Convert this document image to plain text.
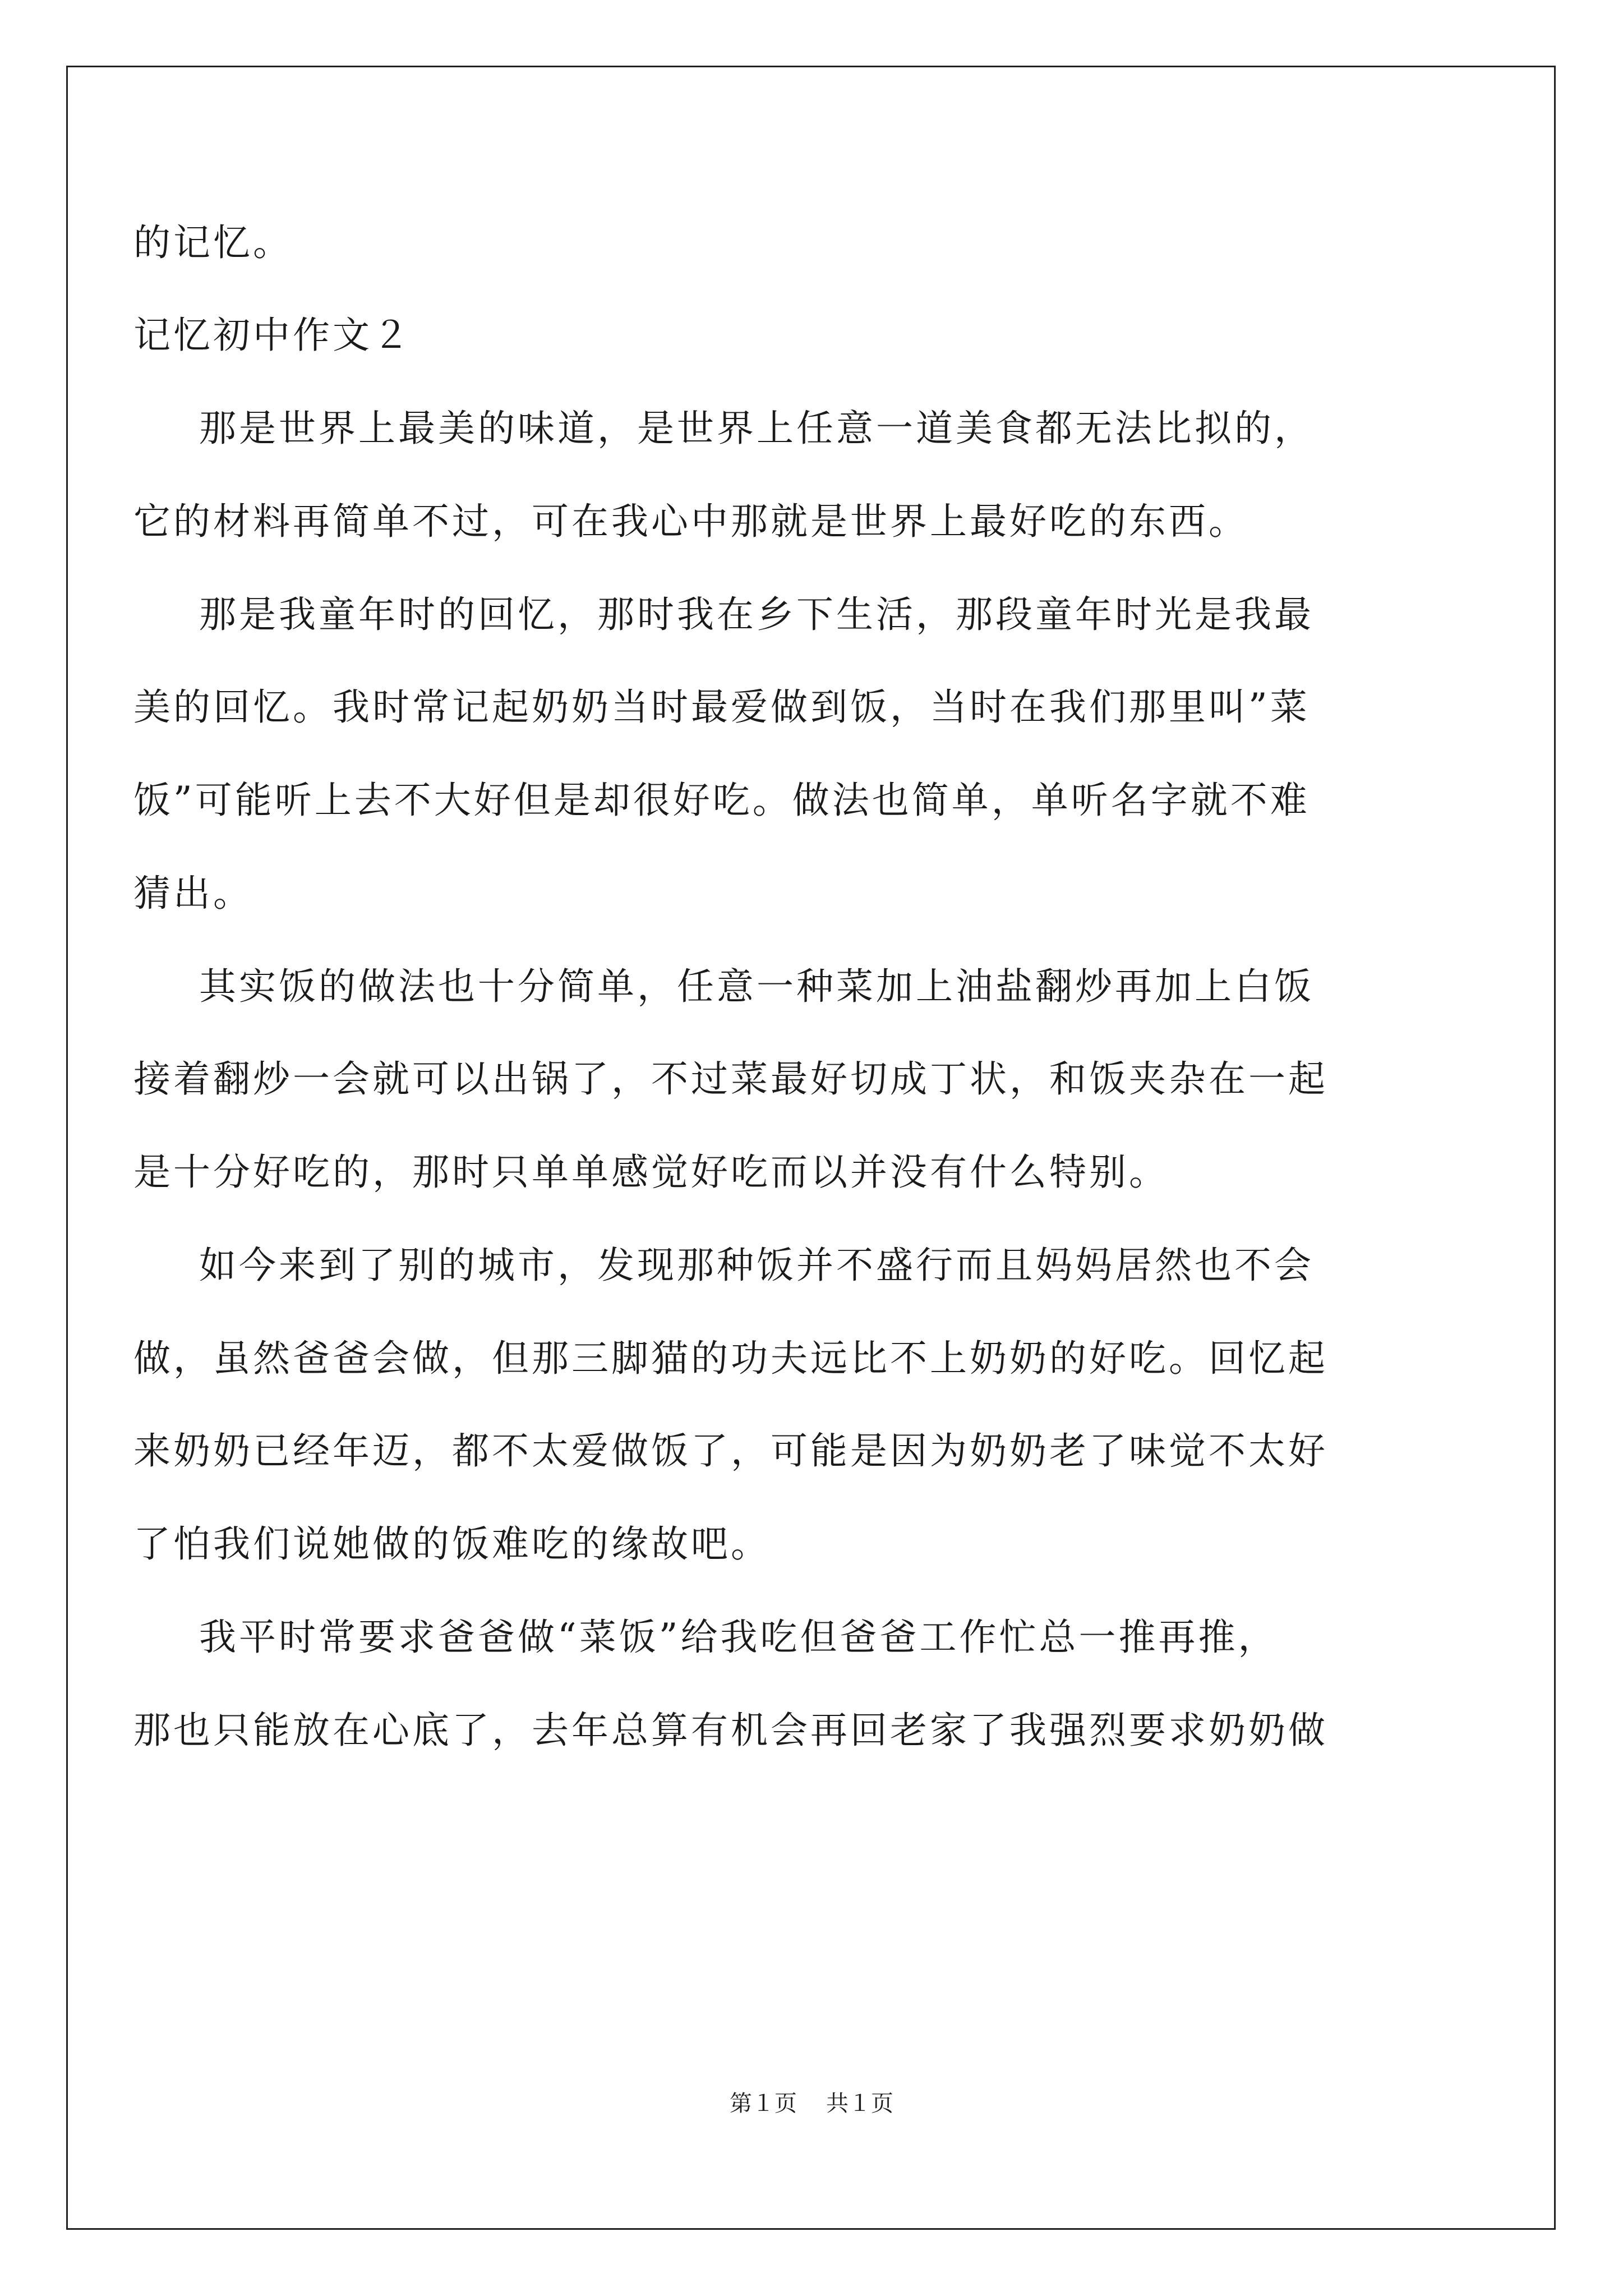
的记忆。
记忆初中作文２
那是世界上最美的味道，是世界上任意一道美食都无法比拟的，
它的材料再简单不过，可在我心中那就是世界上最好吃的东西。
那是我童年时的回忆，那时我在乡下生活，那段童年时光是我最
美的回忆。我时常记起奶奶当时最爱做到饭，当时在我们那里叫”菜
饭”可能听上去不大好但是却很好吃。做法也简单，单听名字就不难
猜出。
其实饭的做法也十分简单，任意一种菜加上油盐翻炒再加上白饭
接着翻炒一会就可以出锅了，不过菜最好切成丁状，和饭夹杂在一起
是十分好吃的，那时只单单感觉好吃而以并没有什么特别。
如今来到了别的城市，发现那种饭并不盛行而且妈妈居然也不会
做，虽然爸爸会做，但那三脚猫的功夫远比不上奶奶的好吃。回忆起
来奶奶已经年迈，都不太爱做饭了，可能是因为奶奶老了味觉不太好
了怕我们说她做的饭难吃的缘故吧。
我平时常要求爸爸做“菜饭”给我吃但爸爸工作忙总一推再推，
那也只能放在心底了，去年总算有机会再回老家了我强烈要求奶奶做
第１页 共１页
